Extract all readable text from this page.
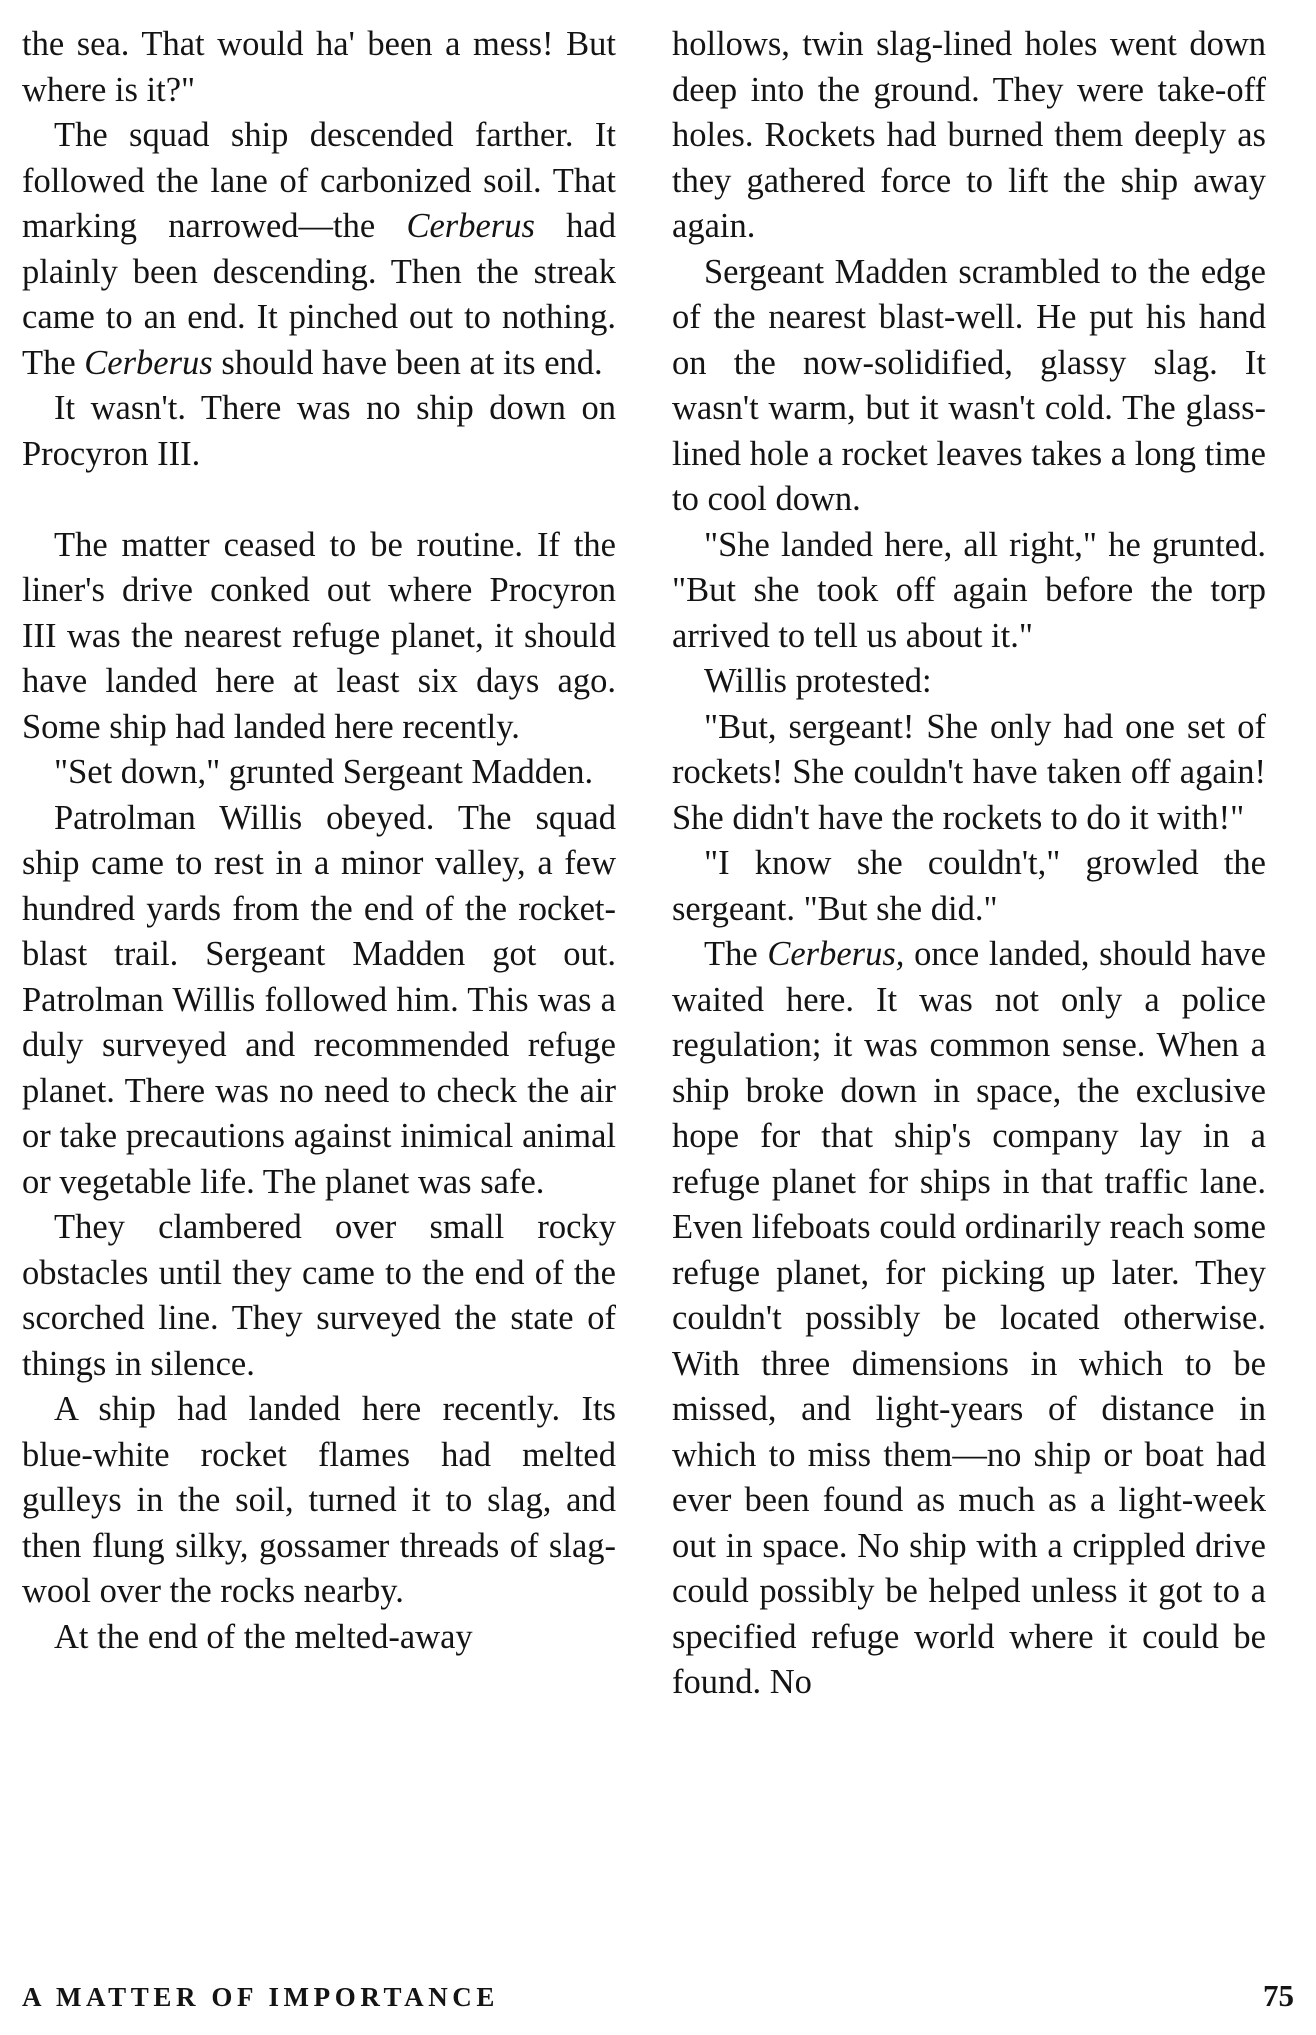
the sea. That would ha' been a mess! But where is it?"

The squad ship descended farther. It followed the lane of carbonized soil. That marking narrowed—the Cerberus had plainly been descending. Then the streak came to an end. It pinched out to nothing. The Cerberus should have been at its end.

It wasn't. There was no ship down on Procyron III.

The matter ceased to be routine. If the liner's drive conked out where Procyron III was the nearest refuge planet, it should have landed here at least six days ago. Some ship had landed here recently.

"Set down," grunted Sergeant Madden.

Patrolman Willis obeyed. The squad ship came to rest in a minor valley, a few hundred yards from the end of the rocket-blast trail. Sergeant Madden got out. Patrolman Willis followed him. This was a duly surveyed and recommended refuge planet. There was no need to check the air or take precautions against inimical animal or vegetable life. The planet was safe.

They clambered over small rocky obstacles until they came to the end of the scorched line. They surveyed the state of things in silence.

A ship had landed here recently. Its blue-white rocket flames had melted gulleys in the soil, turned it to slag, and then flung silky, gossamer threads of slag-wool over the rocks nearby.

At the end of the melted-away

hollows, twin slag-lined holes went down deep into the ground. They were take-off holes. Rockets had burned them deeply as they gathered force to lift the ship away again.

Sergeant Madden scrambled to the edge of the nearest blast-well. He put his hand on the now-solidified, glassy slag. It wasn't warm, but it wasn't cold. The glass-lined hole a rocket leaves takes a long time to cool down.

"She landed here, all right," he grunted. "But she took off again before the torp arrived to tell us about it."

Willis protested:

"But, sergeant! She only had one set of rockets! She couldn't have taken off again! She didn't have the rockets to do it with!"

"I know she couldn't," growled the sergeant. "But she did."

The Cerberus, once landed, should have waited here. It was not only a police regulation; it was common sense. When a ship broke down in space, the exclusive hope for that ship's company lay in a refuge planet for ships in that traffic lane. Even lifeboats could ordinarily reach some refuge planet, for picking up later. They couldn't possibly be located otherwise. With three dimensions in which to be missed, and light-years of distance in which to miss them—no ship or boat had ever been found as much as a light-week out in space. No ship with a crippled drive could possibly be helped unless it got to a specified refuge world where it could be found. No

A MATTER OF IMPORTANCE	75
